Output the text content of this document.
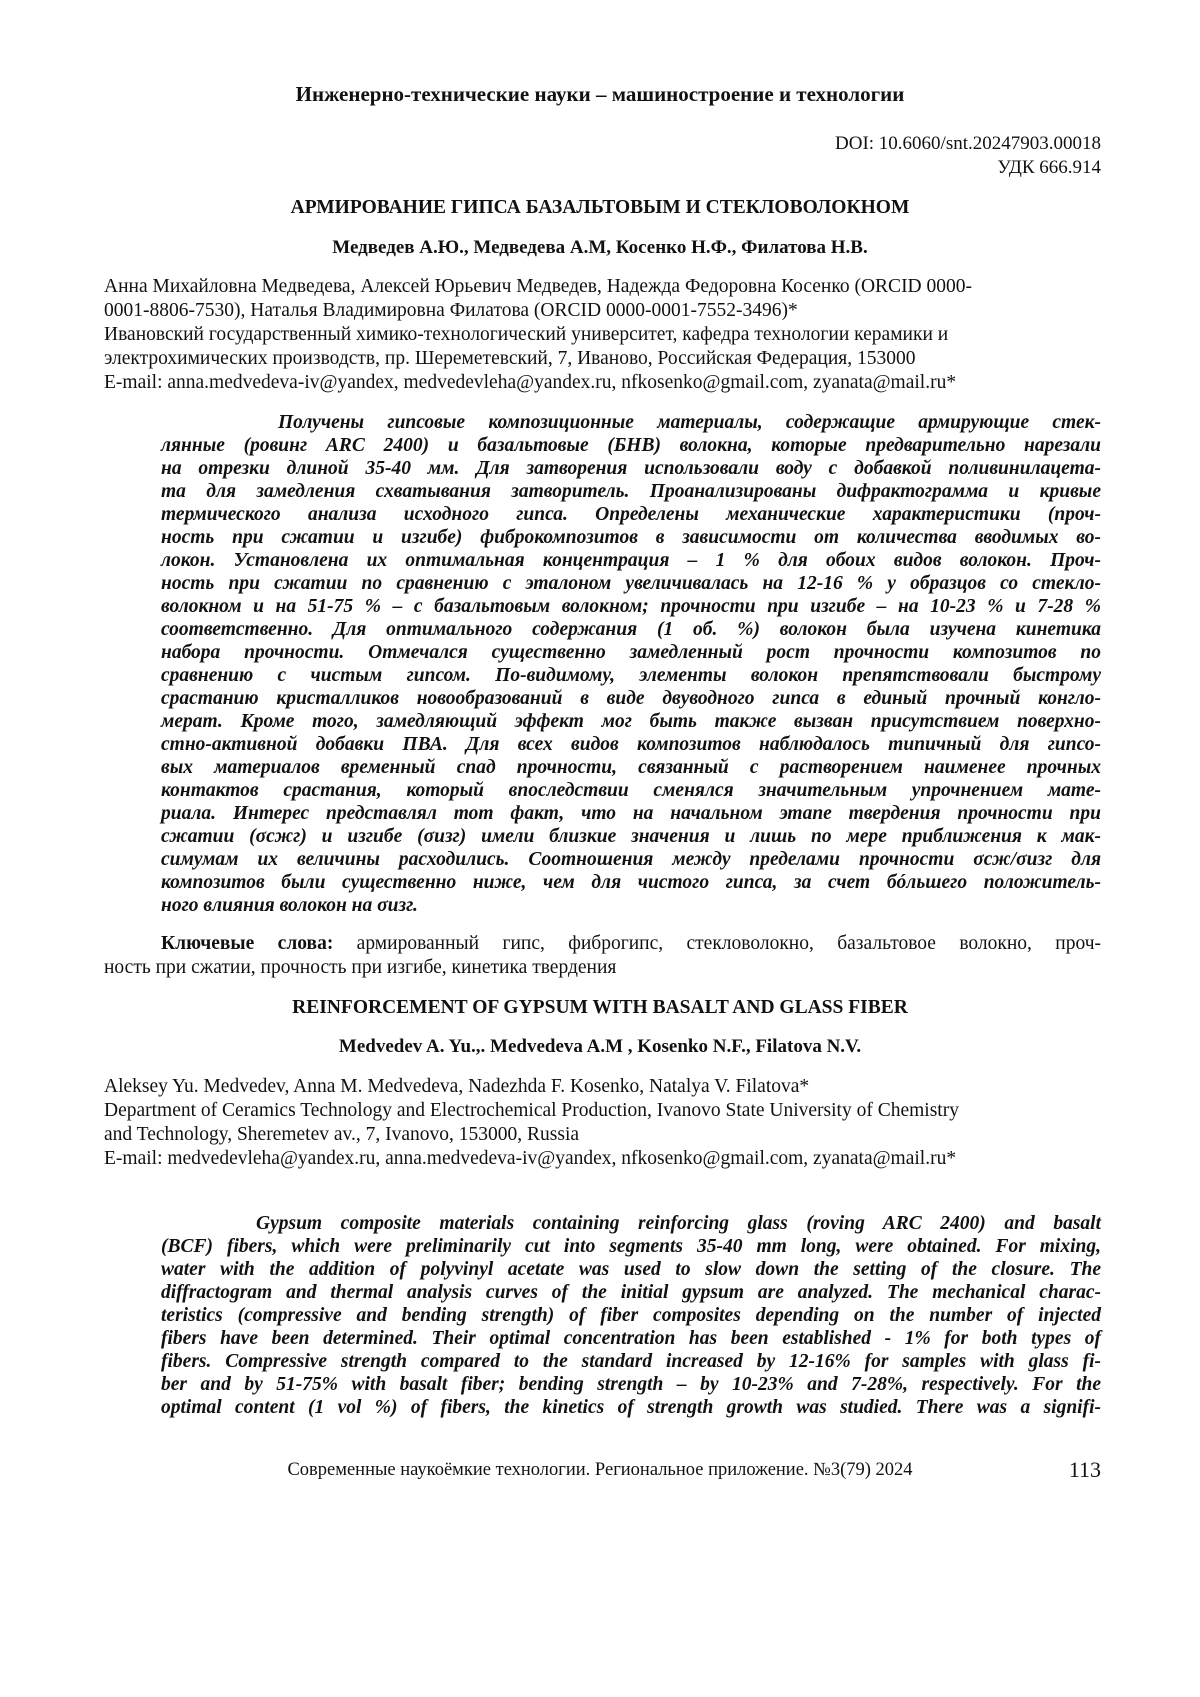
Инженерно-технические науки – машиностроение и технологии
DOI: 10.6060/snt.20247903.00018
УДК 666.914
АРМИРОВАНИЕ ГИПСА БАЗАЛЬТОВЫМ И СТЕКЛОВОЛОКНОМ
Медведев А.Ю., Медведева А.М, Косенко Н.Ф., Филатова Н.В.
Анна Михайловна Медведева, Алексей Юрьевич Медведев, Надежда Федоровна Косенко (ORCID 0000-
0001-8806-7530), Наталья Владимировна Филатова (ORCID 0000-0001-7552-3496)*
Ивановский государственный химико-технологический университет, кафедра технологии керамики и
электрохимических производств, пр. Шереметевский, 7, Иваново, Российская Федерация, 153000
E-mail: anna.medvedeva-iv@yandex, medvedevleha@yandex.ru, nfkosenko@gmail.com, zyanata@mail.ru*
Получены гипсовые композиционные материалы, содержащие армирующие стек-
лянные (ровинг ARC 2400) и базальтовые (БНВ) волокна, которые предварительно нарезали
на отрезки длиной 35-40 мм. Для затворения использовали воду с добавкой поливинилацета-
та для замедления схватывания затворитель. Проанализированы дифрактограмма и кривые
термического анализа исходного гипса. Определены механические характеристики (проч-
ность при сжатии и изгибе) фиброкомпозитов в зависимости от количества вводимых во-
локон. Установлена их оптимальная концентрация – 1 % для обоих видов волокон. Проч-
ность при сжатии по сравнению с эталоном увеличивалась на 12-16 % у образцов со стекло-
волокном и на 51-75 % – с базальтовым волокном; прочности при изгибе – на 10-23 % и 7-28 %
соответственно. Для оптимального содержания (1 об. %) волокон была изучена кинетика
набора прочности. Отмечался существенно замедленный рост прочности композитов по
сравнению с чистым гипсом. По-видимому, элементы волокон препятствовали быстрому
срастанию кристалликов новообразований в виде двуводного гипса в единый прочный конгло-
мерат. Кроме того, замедляющий эффект мог быть также вызван присутствием поверхно-
стно-активной добавки ПВА. Для всех видов композитов наблюдалось типичный для гипсо-
вых материалов временный спад прочности, связанный с растворением наименее прочных
контактов срастания, который впоследствии сменялся значительным упрочнением мате-
риала. Интерес представлял тот факт, что на начальном этапе твердения прочности при
сжатии (σсжг) и изгибе (σизг) имели близкие значения и лишь по мере приближения к мак-
симумам их величины расходились. Соотношения между пределами прочности σсж/σизг для
композитов были существенно ниже, чем для чистого гипса, за счет бóльшего положитель-
ного влияния волокон на σизг.
Ключевые слова: армированный гипс, фиброгипс, стекловолокно, базальтовое волокно, проч-
ность при сжатии, прочность при изгибе, кинетика твердения
REINFORCEMENT OF GYPSUM WITH BASALT AND GLASS FIBER
Medvedev A. Yu.,. Medvedeva A.M , Kosenko N.F., Filatova N.V.
Aleksey Yu. Medvedev, Anna M. Medvedeva, Nadezhda F. Kosenko, Natalya V. Filatova*
Department of Ceramics Technology and Electrochemical Production, Ivanovo State University of Chemistry
and Technology, Sheremetev av., 7, Ivanovo, 153000, Russia
E-mail: medvedevleha@yandex.ru, anna.medvedeva-iv@yandex, nfkosenko@gmail.com, zyanata@mail.ru*
Gypsum composite materials containing reinforcing glass (roving ARC 2400) and basalt
(BCF) fibers, which were preliminarily cut into segments 35-40 mm long, were obtained. For mixing,
water with the addition of polyvinyl acetate was used to slow down the setting of the closure. The
diffractogram and thermal analysis curves of the initial gypsum are analyzed. The mechanical charac-
teristics (compressive and bending strength) of fiber composites depending on the number of injected
fibers have been determined. Their optimal concentration has been established - 1% for both types of
fibers. Compressive strength compared to the standard increased by 12-16% for samples with glass fi-
ber and by 51-75% with basalt fiber; bending strength – by 10-23% and 7-28%, respectively. For the
optimal content (1 vol %) of fibers, the kinetics of strength growth was studied. There was a signifi-
Современные наукоёмкие технологии. Региональное приложение. №3(79) 2024	113
